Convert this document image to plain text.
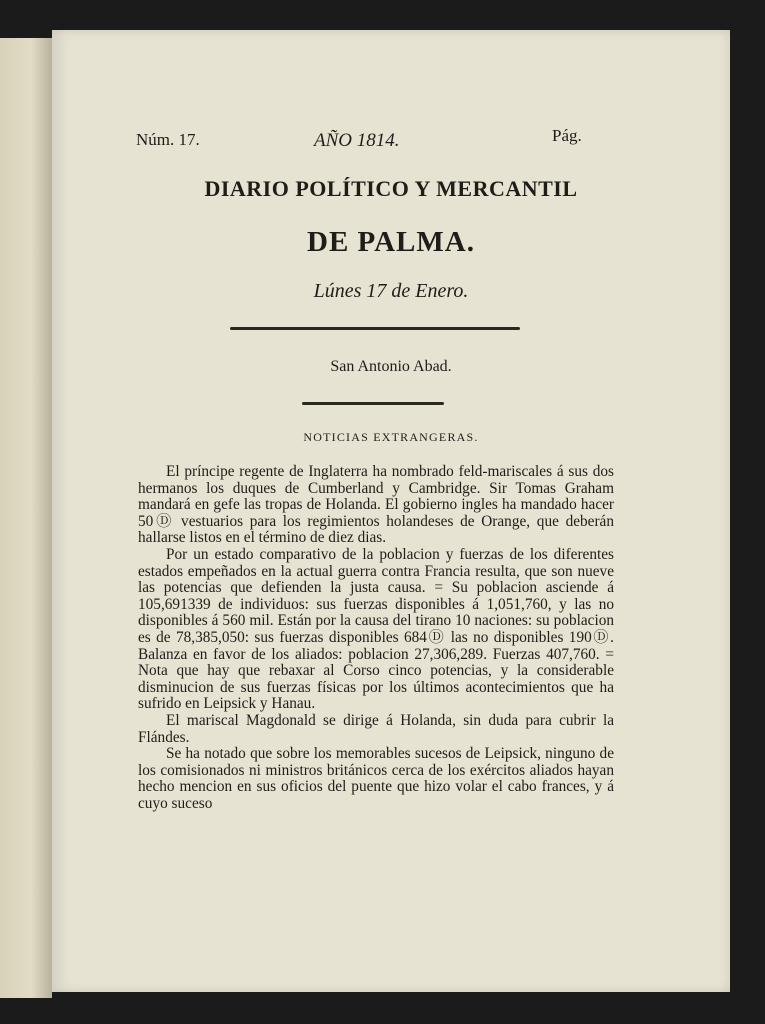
Núm. 17.	AÑO 1814.	Pág.
DIARIO POLÍTICO Y MERCANTIL
DE PALMA.
Lúnes 17 de Enero.
San Antonio Abad.
NOTICIAS EXTRANGERAS.

El príncipe regente de Inglaterra ha nombrado feld-mariscales á sus dos hermanos los duques de Cumberland y Cambridge. Sir Tomas Graham mandará en gefe las tropas de Holanda. El gobierno ingles ha mandado hacer 50Ⓓ vestuarios para los regimientos holandeses de Orange, que deberán hallarse listos en el término de diez dias.

Por un estado comparativo de la poblacion y fuerzas de los diferentes estados empeñados en la actual guerra contra Francia resulta, que son nueve las potencias que defienden la justa causa. = Su poblacion asciende á 105,691339 de individuos: sus fuerzas disponibles á 1,051,760, y las no disponibles á 560 mil. Están por la causa del tirano 10 naciones: su poblacion es de 78,385,050: sus fuerzas disponibles 684Ⓓ las no disponibles 190Ⓓ. Balanza en favor de los aliados: poblacion 27,306,289. Fuerzas 407,760. = Nota que hay que rebaxar al Corso cinco potencias, y la considerable disminucion de sus fuerzas físicas por los últimos acontecimientos que ha sufrido en Leipsick y Hanau.

El mariscal Magdonald se dirige á Holanda, sin duda para cubrir la Flándes.

Se ha notado que sobre los memorables sucesos de Leipsick, ninguno de los comisionados ni ministros británicos cerca de los exércitos aliados hayan hecho mencion en sus oficios del puente que hizo volar el cabo frances, y á cuyo suceso
